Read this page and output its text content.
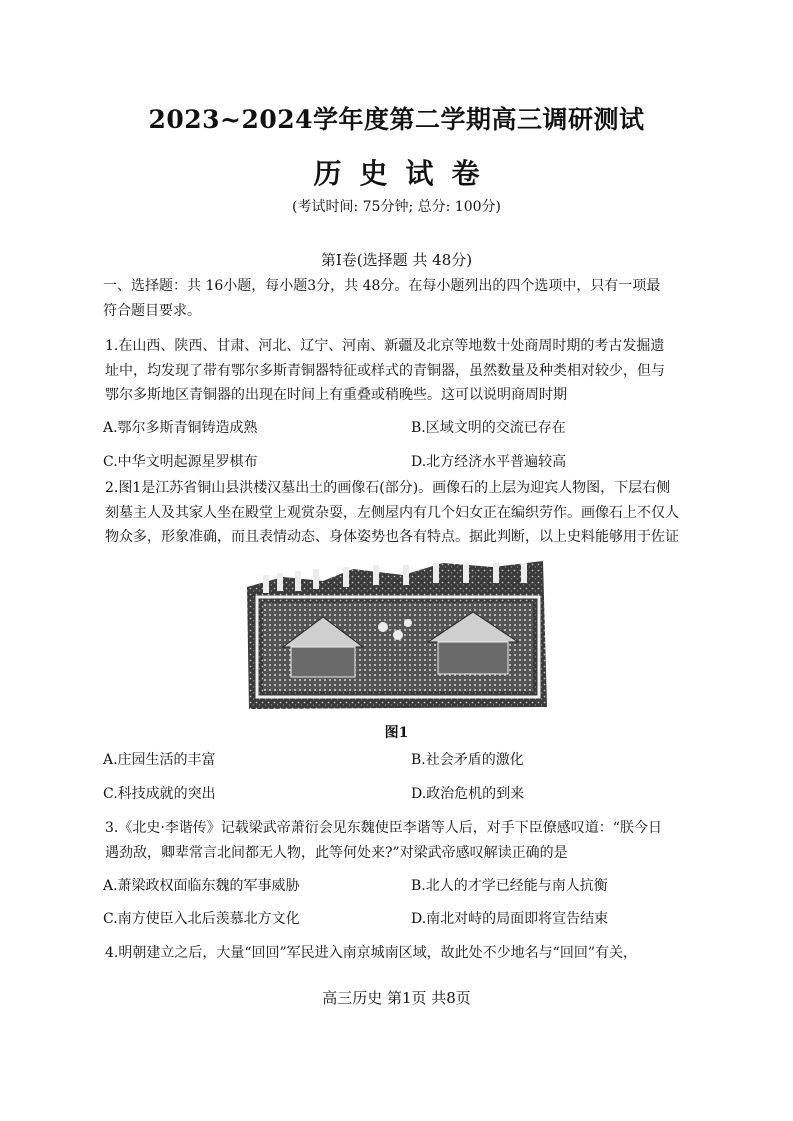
2023~2024学年度第二学期高三调研测试
历史试卷
(考试时间: 75分钟; 总分: 100分)
第Ⅰ卷(选择题 共 48分)
一、选择题：共 16小题，每小题3分，共 48分。在每小题列出的四个选项中，只有一项最
符合题目要求。
1.在山西、陕西、甘肃、河北、辽宁、河南、新疆及北京等地数十处商周时期的考古发掘遗
址中，均发现了带有鄂尔多斯青铜器特征或样式的青铜器，虽然数量及种类相对较少，但与
鄂尔多斯地区青铜器的出现在时间上有重叠或稍晚些。这可以说明商周时期
A.鄂尔多斯青铜铸造成熟	B.区域文明的交流已存在
C.中华文明起源星罗棋布	D.北方经济水平普遍较高
2.图1是江苏省铜山县洪楼汉墓出土的画像石(部分)。画像石的上层为迎宾人物图，下层右侧
刻墓主人及其家人坐在殿堂上观赏杂耍，左侧屋内有几个妇女正在编织劳作。画像石上不仅人
物众多，形象准确，而且表情动态、身体姿势也各有特点。据此判断，以上史料能够用于佐证
图1
A.庄园生活的丰富	B.社会矛盾的激化
C.科技成就的突出	D.政治危机的到来
3.《北史·李谐传》记载梁武帝萧衍会见东魏使臣李谐等人后，对手下臣僚感叹道：“朕今日
遇劲敌，卿辈常言北间都无人物，此等何处来?”对梁武帝感叹解读正确的是
A.萧梁政权面临东魏的军事威胁	B.北人的才学已经能与南人抗衡
C.南方使臣入北后羡慕北方文化	D.南北对峙的局面即将宣告结束
4.明朝建立之后，大量“回回”军民进入南京城南区域，故此处不少地名与“回回”有关，
高三历史 第1页 共8页
